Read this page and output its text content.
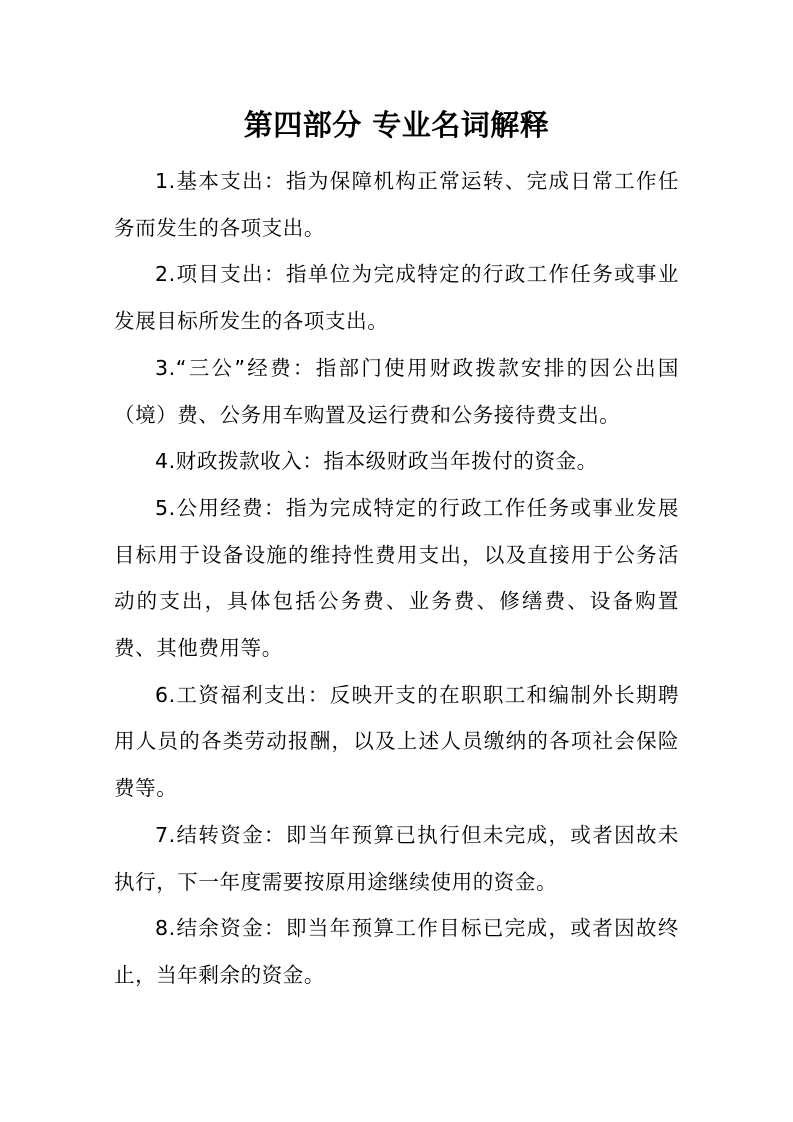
第四部分 专业名词解释

1.基本支出：指为保障机构正常运转、完成日常工作任务而发生的各项支出。

2.项目支出：指单位为完成特定的行政工作任务或事业发展目标所发生的各项支出。

3.“三公”经费：指部门使用财政拨款安排的因公出国（境）费、公务用车购置及运行费和公务接待费支出。

4.财政拨款收入：指本级财政当年拨付的资金。

5.公用经费：指为完成特定的行政工作任务或事业发展目标用于设备设施的维持性费用支出，以及直接用于公务活动的支出，具体包括公务费、业务费、修缮费、设备购置费、其他费用等。

6.工资福利支出：反映开支的在职职工和编制外长期聘用人员的各类劳动报酬，以及上述人员缴纳的各项社会保险费等。

7.结转资金：即当年预算已执行但未完成，或者因故未执行，下一年度需要按原用途继续使用的资金。

8.结余资金：即当年预算工作目标已完成，或者因故终止，当年剩余的资金。
